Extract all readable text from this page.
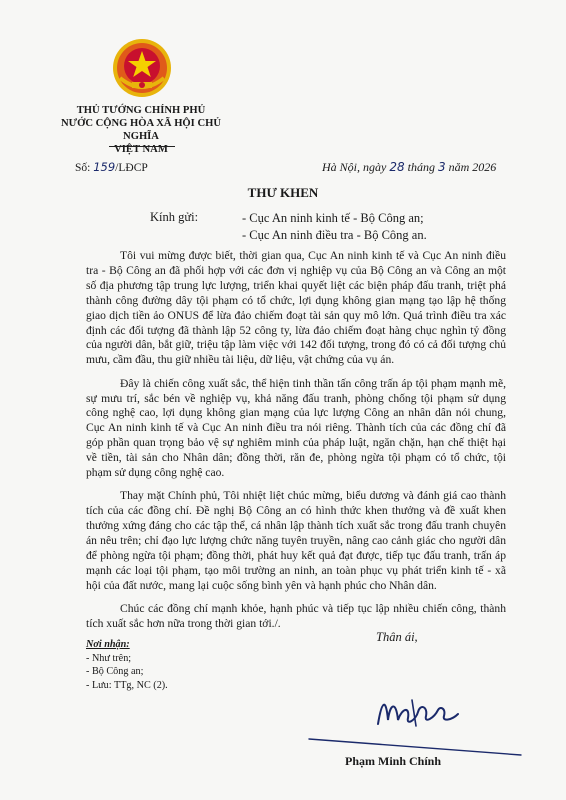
THỦ TƯỚNG CHÍNH PHỦ
NƯỚC CỘNG HÒA XÃ HỘI CHỦ NGHĨA
VIỆT NAM
Số: 159/LĐCP	Hà Nội, ngày 28 tháng 3 năm 2026
THƯ KHEN
Kính gửi:	- Cục An ninh kinh tế - Bộ Công an;
- Cục An ninh điều tra - Bộ Công an.

Tôi vui mừng được biết, thời gian qua, Cục An ninh kinh tế và Cục An ninh điều tra - Bộ Công an đã phối hợp với các đơn vị nghiệp vụ của Bộ Công an và Công an một số địa phương tập trung lực lượng, triển khai quyết liệt các biện pháp đấu tranh, triệt phá thành công đường dây tội phạm có tổ chức, lợi dụng không gian mạng tạo lập hệ thống giao dịch tiền ảo ONUS để lừa đảo chiếm đoạt tài sản quy mô lớn. Quá trình điều tra xác định các đối tượng đã thành lập 52 công ty, lừa đảo chiếm đoạt hàng chục nghìn tỷ đồng của người dân, bắt giữ, triệu tập làm việc với 142 đối tượng, trong đó có cả đối tượng chủ mưu, cầm đầu, thu giữ nhiều tài liệu, dữ liệu, vật chứng của vụ án.

Đây là chiến công xuất sắc, thể hiện tinh thần tấn công trấn áp tội phạm mạnh mẽ, sự mưu trí, sắc bén về nghiệp vụ, khả năng đấu tranh, phòng chống tội phạm sử dụng công nghệ cao, lợi dụng không gian mạng của lực lượng Công an nhân dân nói chung, Cục An ninh kinh tế và Cục An ninh điều tra nói riêng. Thành tích của các đồng chí đã góp phần quan trọng bảo vệ sự nghiêm minh của pháp luật, ngăn chặn, hạn chế thiệt hại về tiền, tài sản cho Nhân dân; đồng thời, răn đe, phòng ngừa tội phạm có tổ chức, tội phạm sử dụng công nghệ cao.

Thay mặt Chính phủ, Tôi nhiệt liệt chúc mừng, biểu dương và đánh giá cao thành tích của các đồng chí. Đề nghị Bộ Công an có hình thức khen thưởng và đề xuất khen thưởng xứng đáng cho các tập thể, cá nhân lập thành tích xuất sắc trong đấu tranh chuyên án nêu trên; chỉ đạo lực lượng chức năng tuyên truyền, nâng cao cảnh giác cho người dân để phòng ngừa tội phạm; đồng thời, phát huy kết quả đạt được, tiếp tục đấu tranh, trấn áp mạnh các loại tội phạm, tạo môi trường an ninh, an toàn phục vụ phát triển kinh tế - xã hội của đất nước, mang lại cuộc sống bình yên và hạnh phúc cho Nhân dân.

Chúc các đồng chí mạnh khỏe, hạnh phúc và tiếp tục lập nhiều chiến công, thành tích xuất sắc hơn nữa trong thời gian tới./.

Nơi nhận:
- Như trên;
- Bộ Công an;
- Lưu: TTg, NC (2).
Thân ái,
Phạm Minh Chính
